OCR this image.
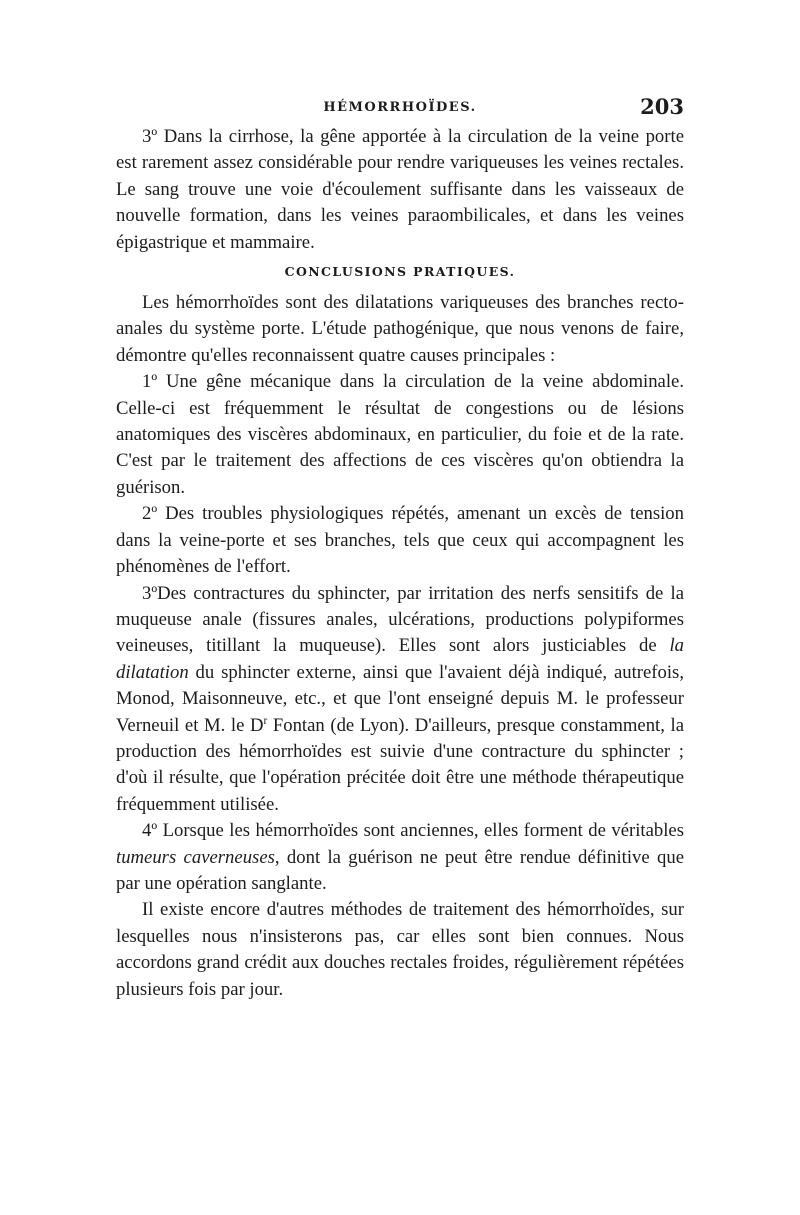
HÉMORRHOÏDES.	203

3º Dans la cirrhose, la gêne apportée à la circulation de la veine porte est rarement assez considérable pour rendre variqueuses les veines rectales. Le sang trouve une voie d'écoulement suffisante dans les vaisseaux de nouvelle formation, dans les veines paraombilicales, et dans les veines épigastrique et mammaire.

CONCLUSIONS PRATIQUES.

Les hémorrhoïdes sont des dilatations variqueuses des branches recto-anales du système porte. L'étude pathogénique, que nous venons de faire, démontre qu'elles reconnaissent quatre causes principales :

1º Une gêne mécanique dans la circulation de la veine abdominale. Celle-ci est fréquemment le résultat de congestions ou de lésions anatomiques des viscères abdominaux, en particulier, du foie et de la rate. C'est par le traitement des affections de ces viscères qu'on obtiendra la guérison.

2º Des troubles physiologiques répétés, amenant un excès de tension dans la veine-porte et ses branches, tels que ceux qui accompagnent les phénomènes de l'effort.

3ºDes contractures du sphincter, par irritation des nerfs sensitifs de la muqueuse anale (fissures anales, ulcérations, productions polypiformes veineuses, titillant la muqueuse). Elles sont alors justiciables de la dilatation du sphincter externe, ainsi que l'avaient déjà indiqué, autrefois, Monod, Maisonneuve, etc., et que l'ont enseigné depuis M. le professeur Verneuil et M. le $D^r$ Fontan (de Lyon). D'ailleurs, presque constamment, la production des hémorrhoïdes est suivie d'une contracture du sphincter ; d'où il résulte, que l'opération précitée doit être une méthode thérapeutique fréquemment utilisée.

4º Lorsque les hémorrhoïdes sont anciennes, elles forment de véritables tumeurs caverneuses, dont la guérison ne peut être rendue définitive que par une opération sanglante.

Il existe encore d'autres méthodes de traitement des hémorrhoïdes, sur lesquelles nous n'insisterons pas, car elles sont bien connues. Nous accordons grand crédit aux douches rectales froides, régulièrement répétées plusieurs fois par jour.
